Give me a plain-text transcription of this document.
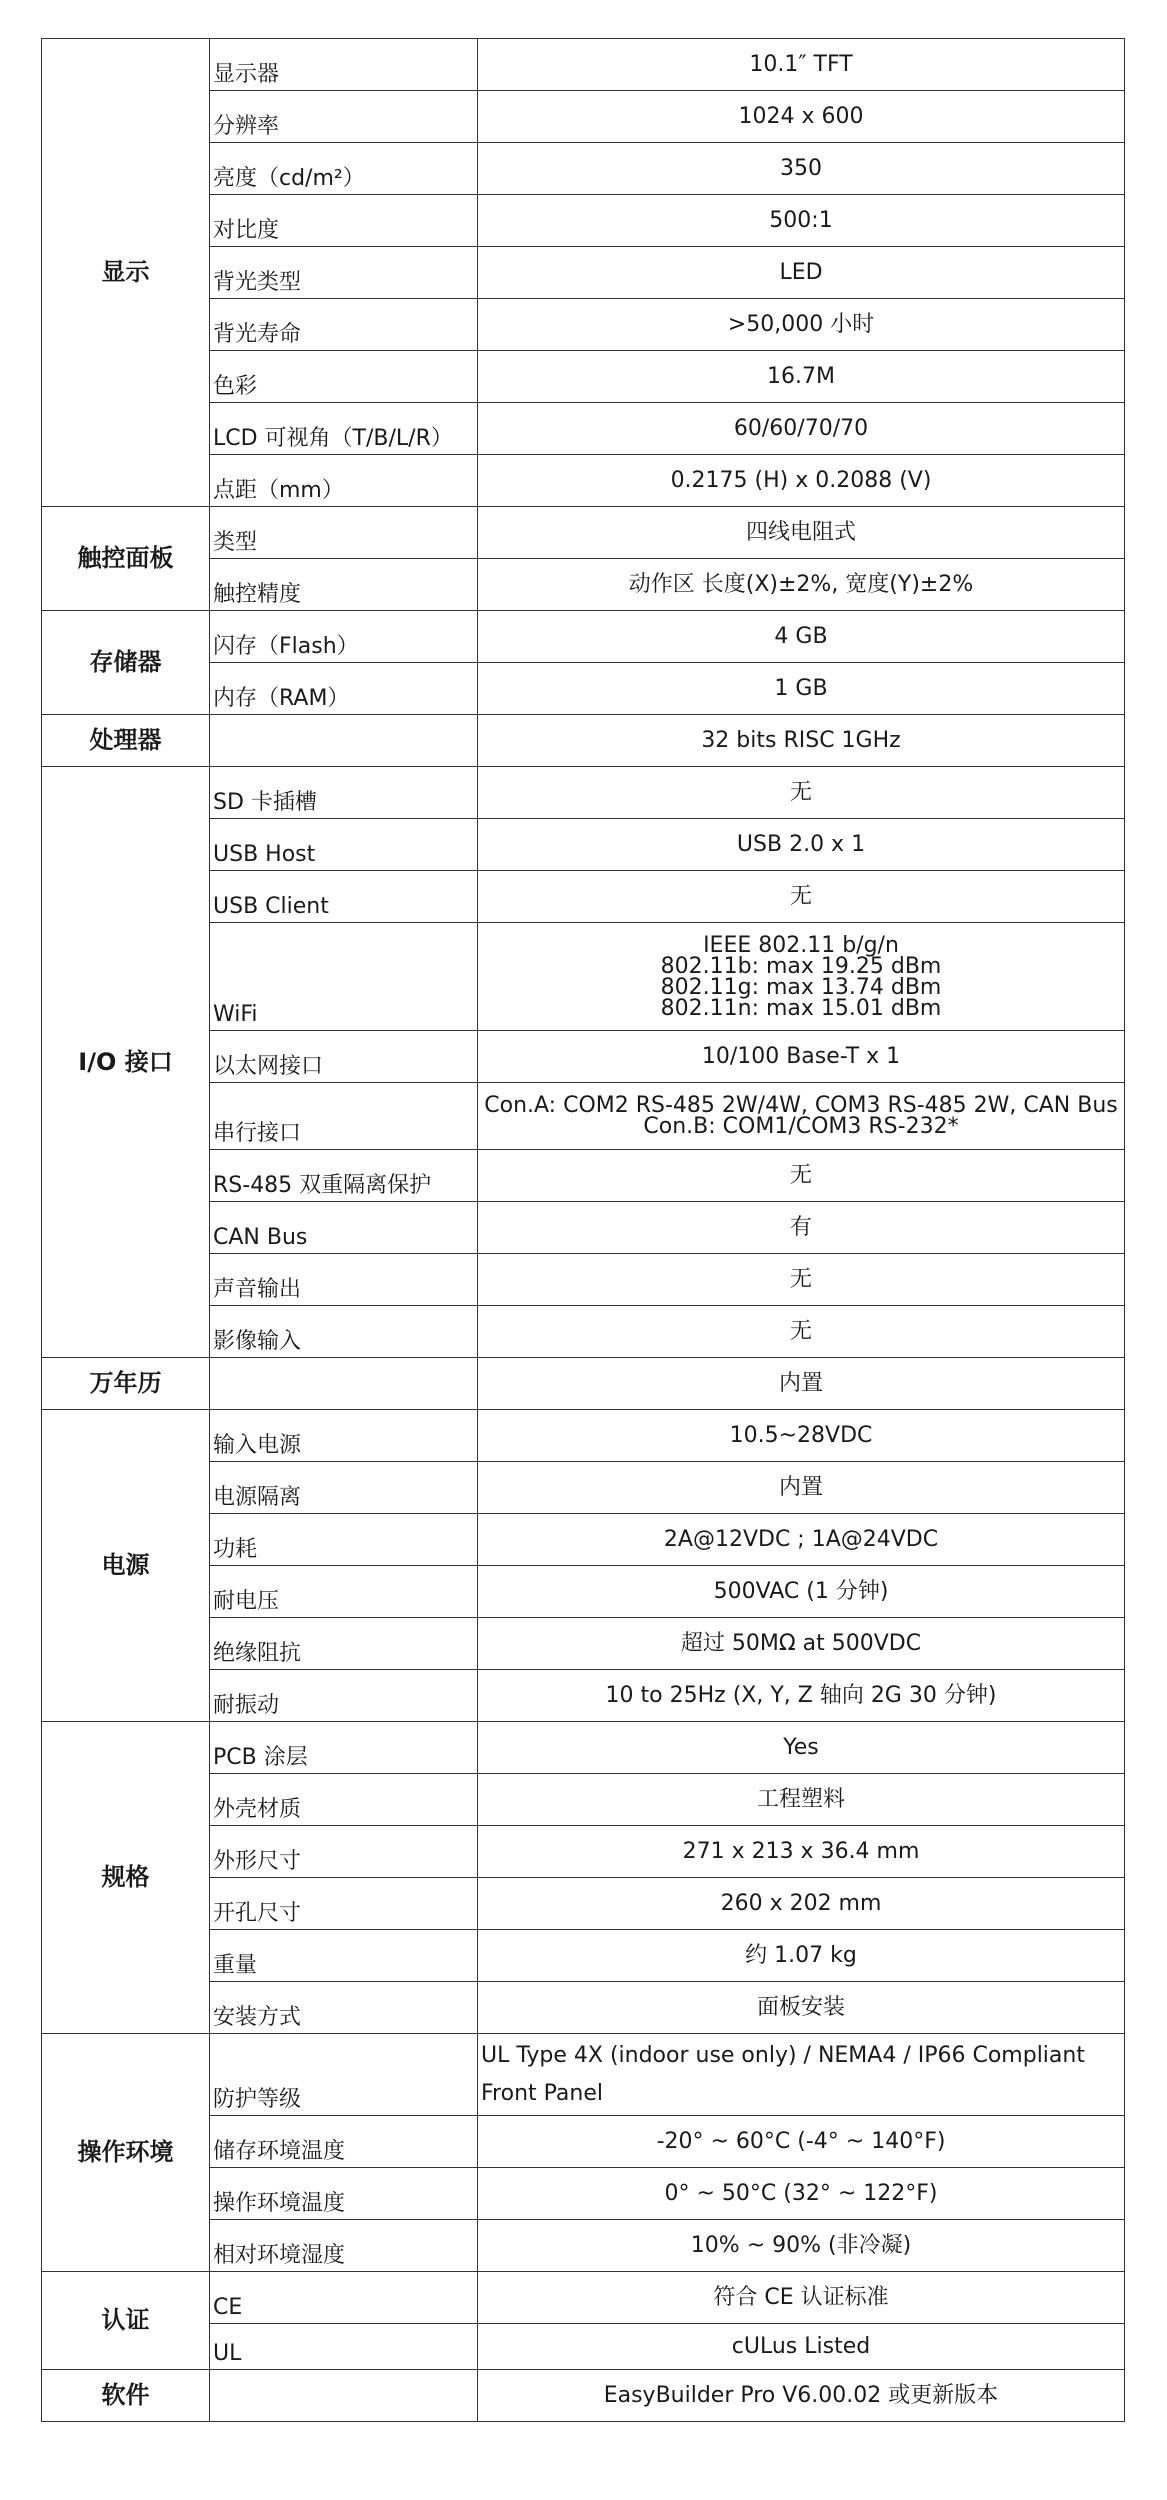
显示	显示器	10.1″ TFT
	分辨率	1024 x 600
	亮度（cd/m²）	350
	对比度	500:1
	背光类型	LED
	背光寿命	>50,000 小时
	色彩	16.7M
	LCD 可视角（T/B/L/R）	60/60/70/70
	点距（mm）	0.2175 (H) x 0.2088 (V)
触控面板	类型	四线电阻式
	触控精度	动作区 长度(X)±2%, 宽度(Y)±2%
存储器	闪存（Flash）	4 GB
	内存（RAM）	1 GB
处理器		32 bits RISC 1GHz
I/O 接口	SD 卡插槽	无
	USB Host	USB 2.0 x 1
	USB Client	无
	WiFi	IEEE 802.11 b/g/n
802.11b: max 19.25 dBm
802.11g: max 13.74 dBm
802.11n: max 15.01 dBm

	以太网接口	10/100 Base-T x 1
	串行接口	Con.A: COM2 RS-485 2W/4W, COM3 RS-485 2W, CAN Bus
Con.B: COM1/COM3 RS-232*

	RS-485 双重隔离保护	无
	CAN Bus	有
	声音输出	无
	影像输入	无
万年历		内置
电源	输入电源	10.5~28VDC
	电源隔离	内置
	功耗	2A@12VDC ; 1A@24VDC
	耐电压	500VAC (1 分钟)
	绝缘阻抗	超过 50MΩ at 500VDC
	耐振动	10 to 25Hz (X, Y, Z 轴向 2G 30 分钟)
规格	PCB 涂层	Yes
	外壳材质	工程塑料
	外形尺寸	271 x 213 x 36.4 mm
	开孔尺寸	260 x 202 mm
	重量	约 1.07 kg
	安装方式	面板安装
操作环境	防护等级	UL Type 4X (indoor use only) / NEMA4 / IP66 Compliant Front Panel
	储存环境温度	-20° ~ 60°C (-4° ~ 140°F)
	操作环境温度	0° ~ 50°C (32° ~ 122°F)
	相对环境湿度	10% ~ 90% (非冷凝)
认证	CE	符合 CE 认证标准
	UL	cULus Listed
软件		EasyBuilder Pro V6.00.02 或更新版本
